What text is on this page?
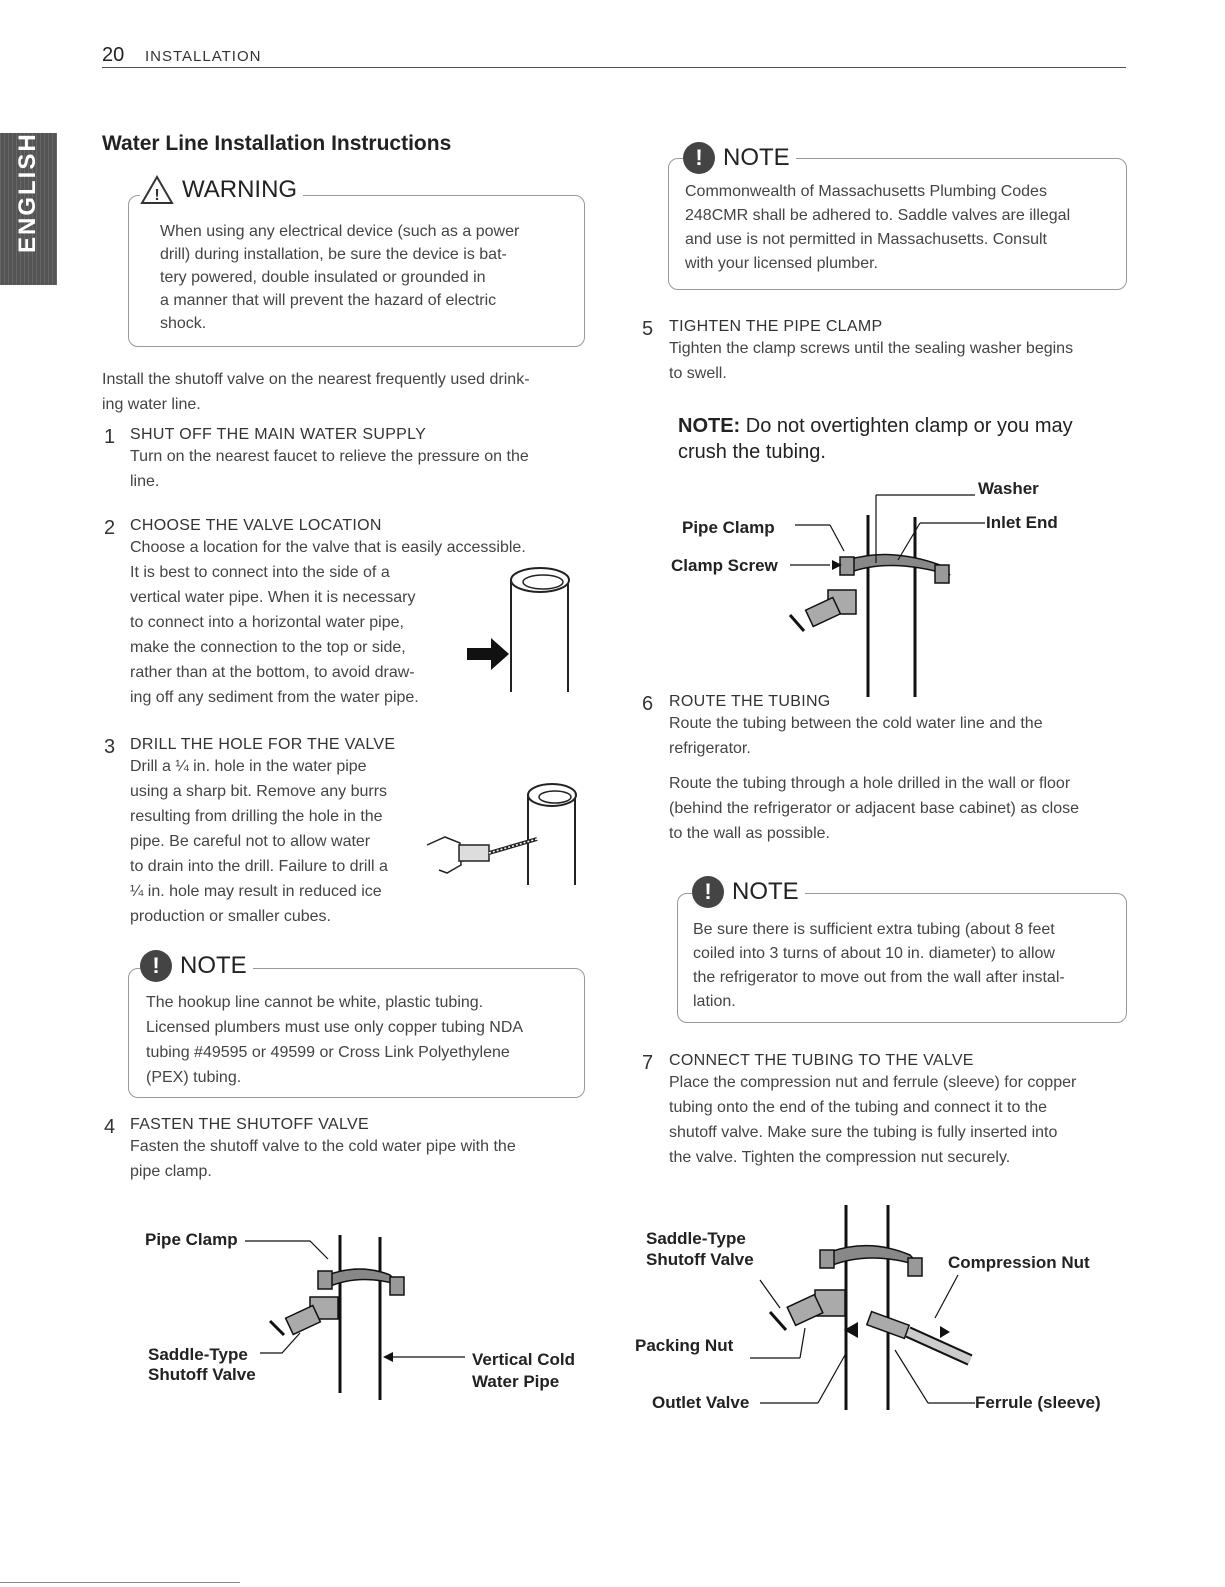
20 INSTALLATION
ENGLISH	Water Line Installation Instructions
! WARNING
When using any electrical device (such as a power
drill) during installation, be sure the device is bat-
tery powered, double insulated or grounded in
a manner that will prevent the hazard of electric
shock.
Install the shutoff valve on the nearest frequently used drink-
ing water line.
1 SHUT OFF THE MAIN WATER SUPPLY
Turn on the nearest faucet to relieve the pressure on the
line.
2 CHOOSE THE VALVE LOCATION
Choose a location for the valve that is easily accessible.
It is best to connect into the side of a
vertical water pipe. When it is necessary
to connect into a horizontal water pipe,
make the connection to the top or side,
rather than at the bottom, to avoid draw-
ing off any sediment from the water pipe.
3 DRILL THE HOLE FOR THE VALVE
Drill a ¼ in. hole in the water pipe
using a sharp bit. Remove any burrs
resulting from drilling the hole in the
pipe. Be careful not to allow water
to drain into the drill. Failure to drill a
¼ in. hole may result in reduced ice
production or smaller cubes.
! NOTE
The hookup line cannot be white, plastic tubing.
Licensed plumbers must use only copper tubing NDA
tubing #49595 or 49599 or Cross Link Polyethylene
(PEX) tubing.
4 FASTEN THE SHUTOFF VALVE
Fasten the shutoff valve to the cold water pipe with the
pipe clamp.
Pipe Clamp
Saddle-Type
Shutoff Valve
Vertical Cold
Water Pipe
! NOTE
Commonwealth of Massachusetts Plumbing Codes
248CMR shall be adhered to. Saddle valves are illegal
and use is not permitted in Massachusetts. Consult
with your licensed plumber.
5 TIGHTEN THE PIPE CLAMP
Tighten the clamp screws until the sealing washer begins
to swell.
NOTE: Do not overtighten clamp or you may
crush the tubing.
Washer
Pipe Clamp	Inlet End
Clamp Screw
6 ROUTE THE TUBING
Route the tubing between the cold water line and the
refrigerator.
Route the tubing through a hole drilled in the wall or floor
(behind the refrigerator or adjacent base cabinet) as close
to the wall as possible.
! NOTE
Be sure there is sufficient extra tubing (about 8 feet
coiled into 3 turns of about 10 in. diameter) to allow
the refrigerator to move out from the wall after instal-
lation.
7 CONNECT THE TUBING TO THE VALVE
Place the compression nut and ferrule (sleeve) for copper
tubing onto the end of the tubing and connect it to the
shutoff valve. Make sure the tubing is fully inserted into
the valve. Tighten the compression nut securely.
Saddle-Type
Shutoff Valve	Compression Nut
Packing Nut
Outlet Valve	Ferrule (sleeve)
